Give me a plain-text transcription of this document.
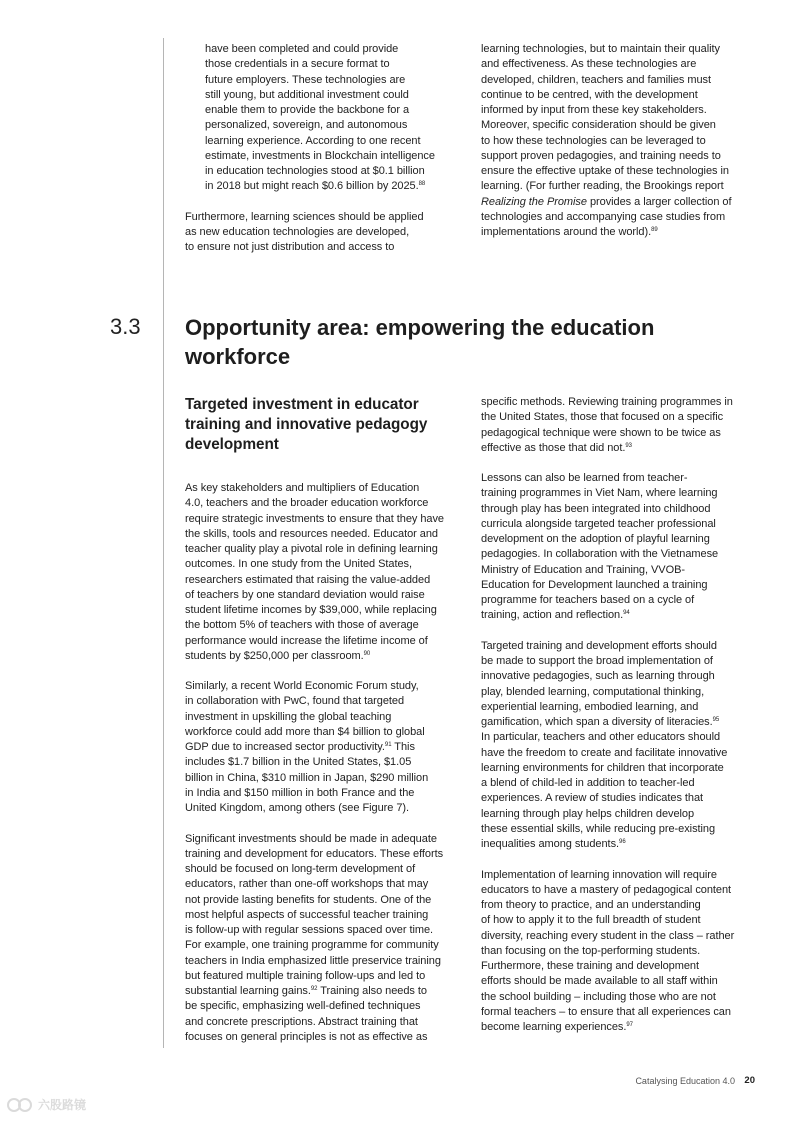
have been completed and could provide
those credentials in a secure format to
future employers. These technologies are
still young, but additional investment could
enable them to provide the backbone for a
personalized, sovereign, and autonomous
learning experience. According to one recent
estimate, investments in Blockchain intelligence
in education technologies stood at $0.1 billion
in 2018 but might reach $0.6 billion by 2025.88
Furthermore, learning sciences should be applied
as new education technologies are developed,
to ensure not just distribution and access to
learning technologies, but to maintain their quality
and effectiveness. As these technologies are
developed, children, teachers and families must
continue to be centred, with the development
informed by input from these key stakeholders.
Moreover, specific consideration should be given
to how these technologies can be leveraged to
support proven pedagogies, and training needs to
ensure the effective uptake of these technologies in
learning. (For further reading, the Brookings report
Realizing the Promise provides a larger collection of
technologies and accompanying case studies from
implementations around the world).$^{89}$
3.3 Opportunity area: empowering the education
workforce
Targeted investment in educator
training and innovative pedagogy
development

As key stakeholders and multipliers of Education
4.0, teachers and the broader education workforce
require strategic investments to ensure that they have
the skills, tools and resources needed. Educator and
teacher quality play a pivotal role in defining learning
outcomes. In one study from the United States,
researchers estimated that raising the value-added
of teachers by one standard deviation would raise
student lifetime incomes by $39,000, while replacing
the bottom 5% of teachers with those of average
performance would increase the lifetime income of
students by $250,000 per classroom.$^{90}$

Similarly, a recent World Economic Forum study,
in collaboration with PwC, found that targeted
investment in upskilling the global teaching
workforce could add more than $4 billion to global
GDP due to increased sector productivity.$^{91}$ This
includes $1.7 billion in the United States, $1.05
billion in China, $310 million in Japan, $290 million
in India and $150 million in both France and the
United Kingdom, among others (see Figure 7).

Significant investments should be made in adequate
training and development for educators. These efforts
should be focused on long-term development of
educators, rather than one-off workshops that may
not provide lasting benefits for students. One of the
most helpful aspects of successful teacher training
is follow-up with regular sessions spaced over time.
For example, one training programme for community
teachers in India emphasized little preservice training
but featured multiple training follow-ups and led to
substantial learning gains.$^{92}$ Training also needs to
be specific, emphasizing well-defined techniques
and concrete prescriptions. Abstract training that
focuses on general principles is not as effective as

specific methods. Reviewing training programmes in
the United States, those that focused on a specific
pedagogical technique were shown to be twice as
effective as those that did not.$^{93}$

Lessons can also be learned from teacher-
training programmes in Viet Nam, where learning
through play has been integrated into childhood
curricula alongside targeted teacher professional
development on the adoption of playful learning
pedagogies. In collaboration with the Vietnamese
Ministry of Education and Training, VVOB-
Education for Development launched a training
programme for teachers based on a cycle of
training, action and reflection.$^{94}$

Targeted training and development efforts should
be made to support the broad implementation of
innovative pedagogies, such as learning through
play, blended learning, computational thinking,
experiential learning, embodied learning, and
gamification, which span a diversity of literacies.$^{95}$
In particular, teachers and other educators should
have the freedom to create and facilitate innovative
learning environments for children that incorporate
a blend of child-led in addition to teacher-led
experiences. A review of studies indicates that
learning through play helps children develop
these essential skills, while reducing pre-existing
inequalities among students.$^{96}$

Implementation of learning innovation will require
educators to have a mastery of pedagogical content
from theory to practice, and an understanding
of how to apply it to the full breadth of student
diversity, reaching every student in the class – rather
than focusing on the top-performing students.
Furthermore, these training and development
efforts should be made available to all staff within
the school building – including those who are not
formal teachers – to ensure that all experiences can
become learning experiences.$^{97}$

Catalysing Education 4.0 20
六股路镜
